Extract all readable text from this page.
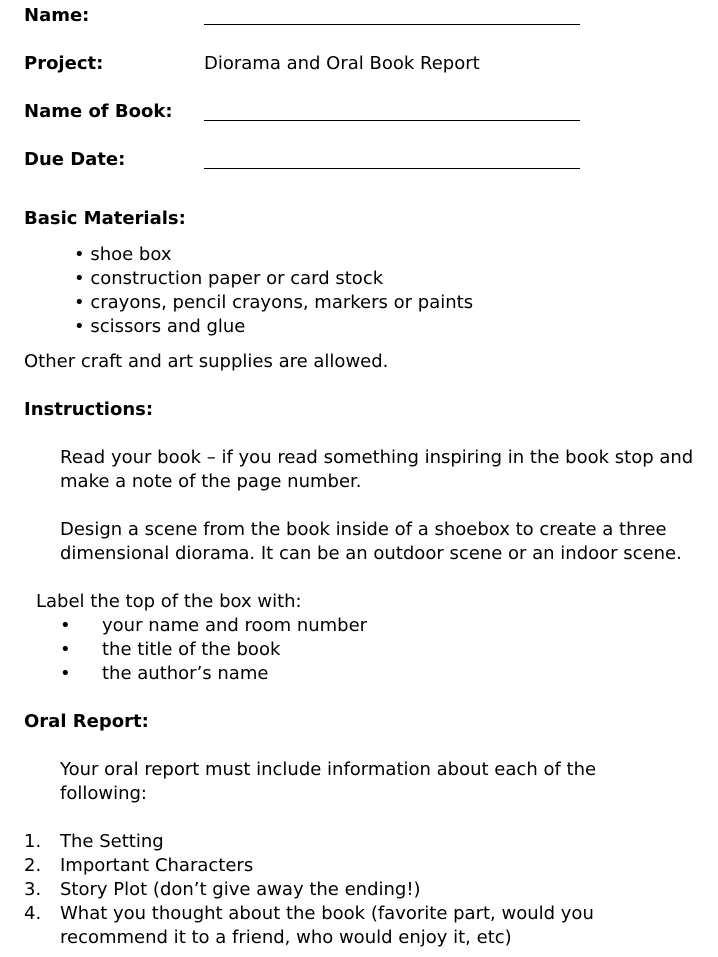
Name:
Project:	Diorama and Oral Book Report
Name of Book:
Due Date:
Basic Materials:
• shoe box
• construction paper or card stock
• crayons, pencil crayons, markers or paints
• scissors and glue
Other craft and art supplies are allowed.
Instructions:
Read your book – if you read something inspiring in the book stop and
make a note of the page number.
Design a scene from the book inside of a shoebox to create a three
dimensional diorama. It can be an outdoor scene or an indoor scene.
Label the top of the box with:
• your name and room number
• the title of the book
• the author’s name
Oral Report:
Your oral report must include information about each of the
following:
1. The Setting
2. Important Characters
3. Story Plot (don’t give away the ending!)
4. What you thought about the book (favorite part, would you
recommend it to a friend, who would enjoy it, etc)
